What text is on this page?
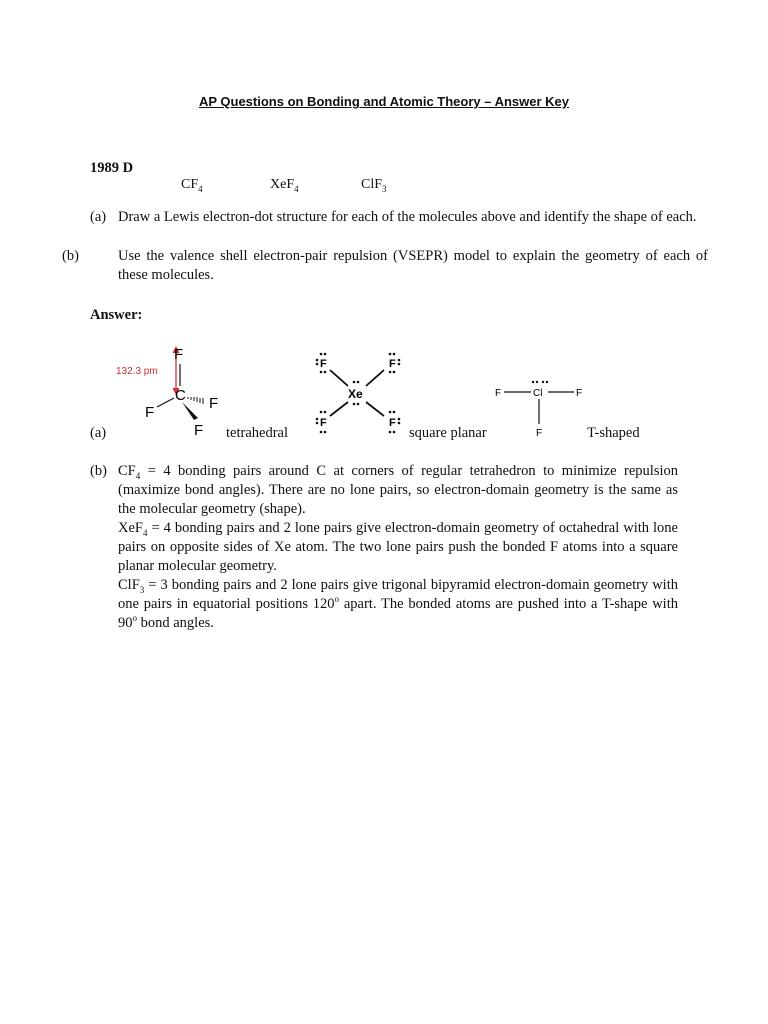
AP Questions on Bonding and Atomic Theory – Answer Key
1989 D
$CF_4$	XeF$_4$	ClF$_3$
(a) Draw a Lewis electron-dot structure for each of the molecules above and identify the shape of each.
(b)	Use the valence shell electron-pair repulsion (VSEPR) model to explain the geometry of each of these molecules.
Answer:
(a)	tetrahedral	square planar	T-shaped
132.3 pm
F
C
F
F
F
Xe
F	F
F	F
F	Cl	F
F
(b) $CF_4 = 4$ bonding pairs around C at corners of regular tetrahedron to minimize repulsion (maximize bond angles). There are no lone pairs, so electron-domain geometry is the same as the molecular geometry (shape).

XeF$_4$ = 4 bonding pairs and 2 lone pairs give electron-domain geometry of octahedral with lone pairs on opposite sides of Xe atom. The two lone pairs push the bonded F atoms into a square planar molecular geometry.

ClF$_3$ = 3 bonding pairs and 2 lone pairs give trigonal bipyramid electron-domain geometry with one pairs in equatorial positions 120$^o$ apart. The bonded atoms are pushed into a T-shape with 90$^o$ bond angles.
